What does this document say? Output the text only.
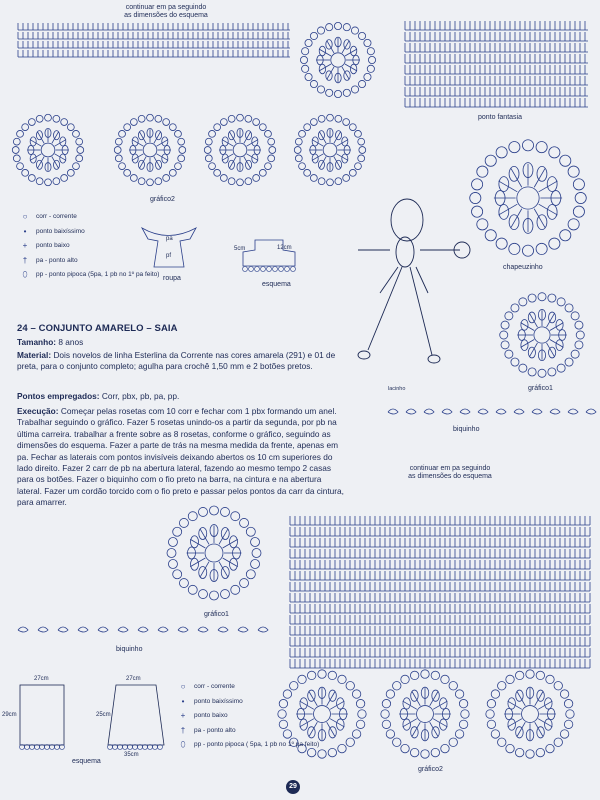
continuar em pa seguindo
as dimensões do esquema
gráfico2
ponto fantasia
chapeuzinho
gráfico1
biquinho
lacinho
○	corr - corrente
•	ponto baixíssimo
+	ponto baixo
†	pa - ponto alto
⬯	pp - ponto pipoca (5pa, 1 pb no 1º pa feito)
pa
pf
roupa
5cm	12cm
esquema
24 – CONJUNTO AMARELO – SAIA
Tamanho: 8 anos
Material: Dois novelos de linha Esterlina da Corrente nas cores amarela (291) e 01 de preta, para o conjunto completo; agulha para crochê 1,50 mm e 2 botões pretos.
Pontos empregados: Corr, pbx, pb, pa, pp.
Execução: Começar pelas rosetas com 10 corr e fechar com 1 pbx formando um anel. Trabalhar seguindo o gráfico. Fazer 5 rosetas unindo-os a partir da segunda, por pb na última carreira. trabalhar a frente sobre as 8 rosetas, conforme o gráfico, seguindo as dimensões do esquema. Fazer a parte de trás na mesma medida da frente, apenas em pa. Fechar as laterais com pontos invisíveis deixando abertos os 10 cm superiores do lado direito. Fazer 2 carr de pb na abertura lateral, fazendo ao mesmo tempo 2 casas para os botões. Fazer o biquinho com o fio preto na barra, na cintura e na abertura lateral. Fazer um cordão torcido com o fio preto e passar pelos pontos da carr da cintura, para amarrer.
gráfico1
biquinho
continuar em pa seguindo
as dimensões do esquema
gráfico2
27cm	27cm
29cm	25cm
35cm
esquema
○	corr - corrente
•	ponto baixíssimo
+	ponto baixo
†	pa - ponto alto
⬯	pp - ponto pipoca ( 5pa, 1 pb no 1º pa feito)
29
